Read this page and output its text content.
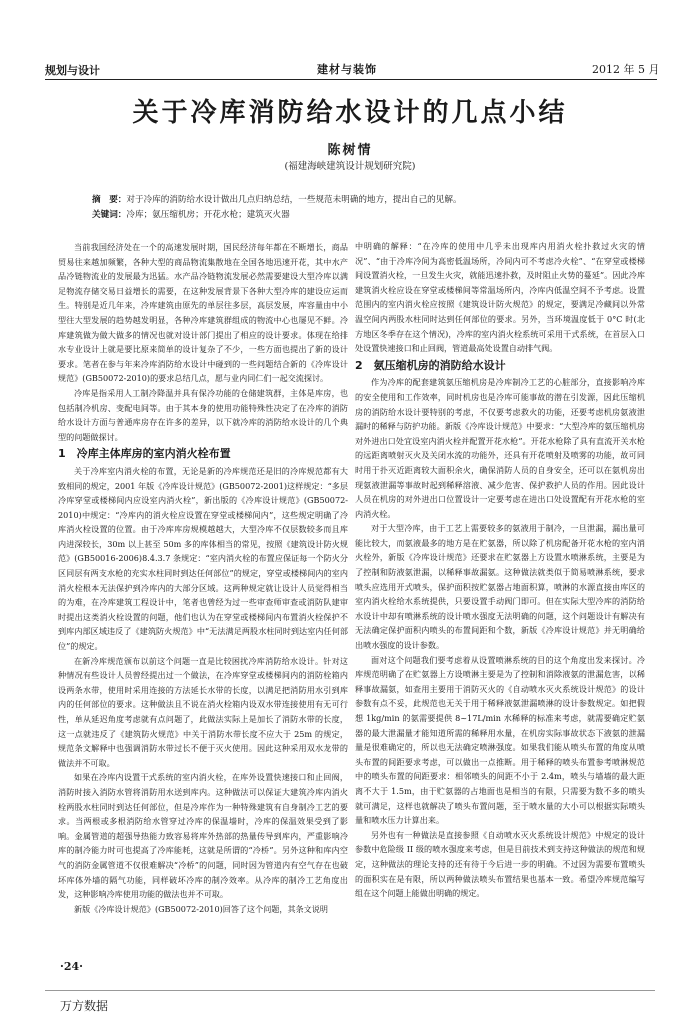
规划与设计	建材与装饰	2012 年 5 月
关于冷库消防给水设计的几点小结
陈树情
(福建海峡建筑设计规划研究院)
摘　要：对于冷库的消防给水设计做出几点归纳总结，一些规范未明确的地方，提出自己的见解。
关键词：冷库；氨压缩机房；开花水枪；建筑灭火器

当前我国经济处在一个的高速发展时期，国民经济每年都在不断增长，商品贸易往来越加频繁，各种大型的商品物流集散地在全国各地迅速开花，其中水产品冷链物流业的发展最为迅猛。水产品冷链物流发展必然需要建设大型冷库以满足物流存储交易日益增长的需要，在这种发展背景下各种大型冷库的建设应运而生。特别是近几年来，冷库建筑由原先的单层往多层，高层发展，库容量由中小型往大型发展的趋势越发明显，各种冷库建筑群组成的物流中心也屡见不鲜。冷库建筑做为做大做多的情况也就对设计部门提出了相应的设计要求。体现在给排水专业设计上就是要比原来简单的设计复杂了不少，一些方面也提出了新的设计要求。笔者在参与年来冷库消防给水设计中碰到的一些问题结合新的《冷库设计规范》(GB50072-2010)的要求总结几点，愿与业内同仁们一起交流探讨。

冷库是指采用人工制冷降温并具有保冷功能的仓储建筑群，主体是库房，也包括制冷机房、变配电间等。由于其本身的使用功能特殊性决定了在冷库的消防给水设计方面与普通库房存在许多的差异，以下就冷库的消防给水设计的几个典型的问题做探讨。

1　冷库主体库房的室内消火栓布置

关于冷库室内消火栓的布置，无论是新的冷库规范还是旧的冷库规范都有大致相同的规定，2001 年版《冷库设计规范》(GB50072-2001)这样规定：“多层冷库穿堂或楼梯间内应设室内消火栓”，新出版的《冷库设计规范》(GB50072-2010)中规定：“冷库内的消火栓应设置在穿堂或楼梯间内”，这些规定明确了冷库消火栓设置的位置。由于冷库库房规模越越大，大型冷库不仅层数较多而且库内进深较长，30m 以上甚至 50m 多的库体相当的常见，按照《建筑设计防火规范》(GB50016-2006)8.4.3.7 条规定：“室内消火栓的布置应保证每一个防火分区同层有两支水枪的充实水柱同时到达任何部位”的规定，穿堂或楼梯间内的室内消火栓根本无法保护到冷库内的大部分区域。这两种规定就让设计人员觉得相当的为难，在冷库建筑工程设计中，笔者也曾经为过一些审查师审查或消防队建审时提出这类消火栓设置的问题，他们也认为在穿堂或楼梯间内布置消火栓保护不到库内部区域违反了《建筑防火规范》中“无法满足两股水柱同时到达室内任何部位”的规定。

在新冷库规范颁布以前这个问题一直是比较困扰冷库消防给水设计。针对这种情况有些设计人员曾经提出过一个做法，在冷库穿堂或楼梯间内的消防栓箱内设两条水带，使用时采用连接的方法延长水带的长度，以满足把消防用水引到库内的任何部位的要求。这种做法且不说在消火栓箱内设双水带连接使用有无可行性，单从延迟角度考虑就有点问题了，此做法实际上是加长了消防水带的长度，这一点就违反了《建筑防火规范》中关于消防水带长度不应大于 25m 的规定，规范条文解释中也强调消防水带过长不便于灭火使用。因此这种采用双水龙带的做法并不可取。

如果在冷库内设置干式系统的室内消火栓，在库外设置快速接口和止回阀，消防时接入消防水管将消防用水送到库内。这种做法可以保证大建筑冷库内消火栓两股水柱同时到达任何部位，但是冷库作为一种特殊建筑有自身制冷工艺的要求。当两根或多根消防给水管穿过冷库的保温墙时，冷库的保温效果受到了影响。金属管道的超强导热能力致容易将库外热部的热量传导到库内，严重影响冷库的制冷能力时可也提高了冷库能耗，这就是所谓的“冷桥”。另外这种和库内空气的消防金属管道不仅很难解决“冷桥”的问题，同时因为管道内有空气存在也破坏库体外墙的隔气功能，同样破坏冷库的制冷效率。从冷库的制冷工艺角度出发，这种影响冷库使用功能的做法也并不可取。

新版《冷库设计规范》(GB50072-2010)回答了这个问题，其条文说明

中明确的解释：“在冷库的使用中几乎未出现库内用消火栓扑救过火灾的情况”、“由于冷库冷间为高密低温场所，冷间内可不考虑冷火栓”、“在穿堂或楼梯间设置消火栓，一旦发生火灾，就能迅速扑救，及时阻止火势的蔓延”。因此冷库建筑消火栓应设在穿堂或楼梯间等常温场所内，冷库内低温空间不予考虑。设置范围内的室内消火栓应按照《建筑设计防火规范》的规定，要满足冷藏间以外常温空间内两股水柱同时达到任何部位的要求。另外，当环境温度低于 0°C 时(北方地区冬季存在这个情况)，冷库的室内消火栓系统可采用干式系统，在首层入口处设置快速接口和止回阀，管道最高处设置自动排气阀。

2　氨压缩机房的消防给水设计

作为冷库的配套建筑氨压缩机房是冷库制冷工艺的心脏部分，直接影响冷库的安全使用和工作效率，同时机房也是冷库可能事故的潜在引发源，因此压缩机房的消防给水设计要特别的考虑，不仅要考虑救火的功能，还要考虑机房氨液泄漏时的稀释与防护功能。新版《冷库设计规范》中要求：“大型冷库的氨压缩机房对外进出口处宜设室内消火栓并配置开花水枪”。开花水枪除了具有直流开关水枪的远距离喷射灭火及关闭水流的功能外，还具有开花喷射及喷雾的功能，故可同时用于扑灭近距离较大面积余火，确保消防人员的自身安全，还可以在氨机房出现氨液泄漏等事故时起到稀释溶液、减少危害、保护救护人员的作用。因此设计人员在机房的对外进出口位置设计一定要考虑在进出口处设置配有开花水枪的室内消火栓。

对于大型冷库，由于工艺上需要较多的氨液用于制冷，一旦泄漏，漏出量可能比较大，而氨液最多的地方是在贮氨器，所以除了机房配备开花水枪的室内消火栓外，新版《冷库设计规范》还要求在贮氨器上方设置水喷淋系统，主要是为了控制和防液氨泄漏，以稀释事故漏氨。这种做法就类似于简易喷淋系统，要求喷头应选用开式喷头，保护面积按贮氨器占地面积算，喷淋的水源直接由库区的室内消火栓给水系统提供，只要设置手动阀门即可。但在实际大型冷库的消防给水设计中却有喷淋系统的设计喷水强度无法明确的问题，这个问题设计有解决有无法确定保护面积内喷头的布置间距和个数，新版《冷库设计规范》并无明确给出喷水强度的设计参数。

面对这个问题我们要考虑着从设置喷淋系统的目的这个角度出发来探讨。冷库规范明确了在贮氨器上方设喷淋主要是为了控制和消除液氨的泄漏危害，以稀释事故漏氨，如查用主要用于消防灭火的《自动喷水灭火系统设计规范》的设计参数有点不妥，此规范也无关于用于稀释液氨泄漏喷淋的设计参数规定。如把假想 1kg/min 的氨需要提供 8~17L/min 水稀释的标准来考虑，就需要确定贮氨器的最大泄漏量才能知道所需的稀释用水量，在机房实际事故状态下液氨的泄漏量是很难确定的，所以也无法确定喷淋强度。如果我们能从喷头布置的角度从喷头布置的间距要求考虑，可以做出一点推断。用于稀释的喷头布置参考喷淋规范中的喷头布置的间距要求：相邻喷头的间距不小于 2.4m，喷头与墙墙的最大距离不大于 1.5m，由于贮氨器的占地面也是相当的有限，只需要为数不多的喷头就可满足，这样也就解决了喷头布置问题，至于喷水量的大小可以根据实际喷头量和喷水压力计算出来。

另外也有一种做法是直接参照《自动喷水灭火系统设计规范》中规定的设计参数中危险级 II 级的喷水强度来考虑，但是目前技术到支持这种做法的规范和规定，这种做法的理论支持的还有待于今后进一步的明确。不过因为需要布置喷头的面积实在是有限，所以两种做法喷头布置结果也基本一致。希望冷库规范编写组在这个问题上能做出明确的规定。

·24·
万方数据
